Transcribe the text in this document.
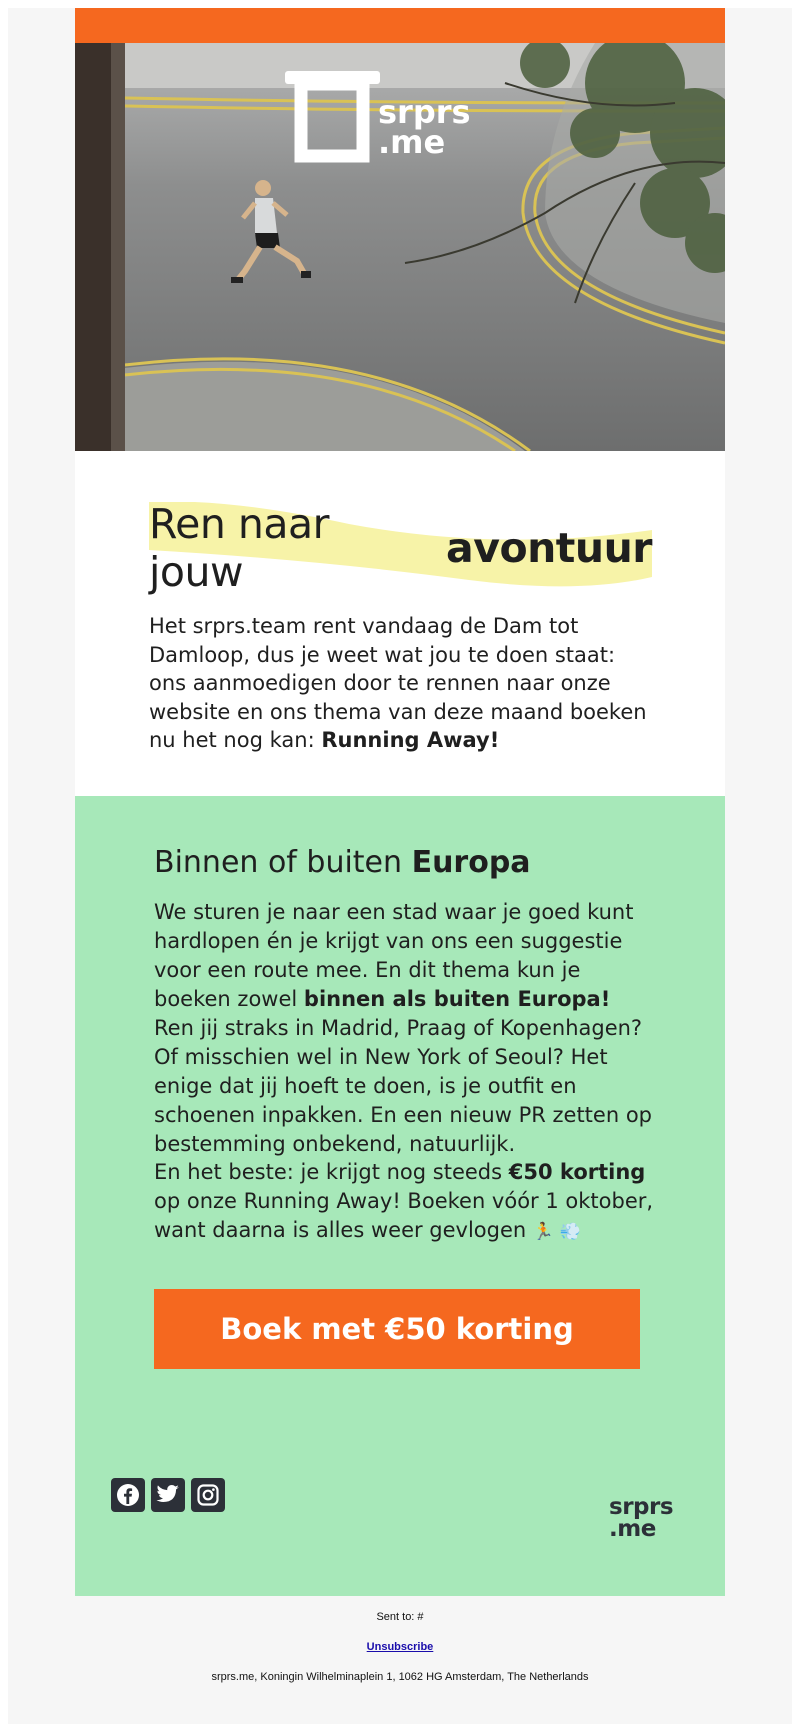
srprs
.me
Ren naar jouw	avontuur
Het srprs.team rent vandaag de Dam tot Damloop, dus je weet wat jou te doen staat: ons aanmoedigen door te rennen naar onze website en ons thema van deze maand boeken nu het nog kan: Running Away!
Binnen of buiten Europa
We sturen je naar een stad waar je goed kunt hardlopen én je krijgt van ons een suggestie voor een route mee. En dit thema kun je boeken zowel binnen als buiten Europa! Ren jij straks in Madrid, Praag of Kopenhagen? Of misschien wel in New York of Seoul? Het enige dat jij hoeft te doen, is je outfit en schoenen inpakken. En een nieuw PR zetten op bestemming onbekend, natuurlijk.
En het beste: je krijgt nog steeds €50 korting op onze Running Away! Boeken vóór 1 oktober, want daarna is alles weer gevlogen 🏃 💨
Boek met €50 korting
srprs
.me
Sent to: #
Unsubscribe
srprs.me, Koningin Wilhelminaplein 1, 1062 HG Amsterdam, The Netherlands
